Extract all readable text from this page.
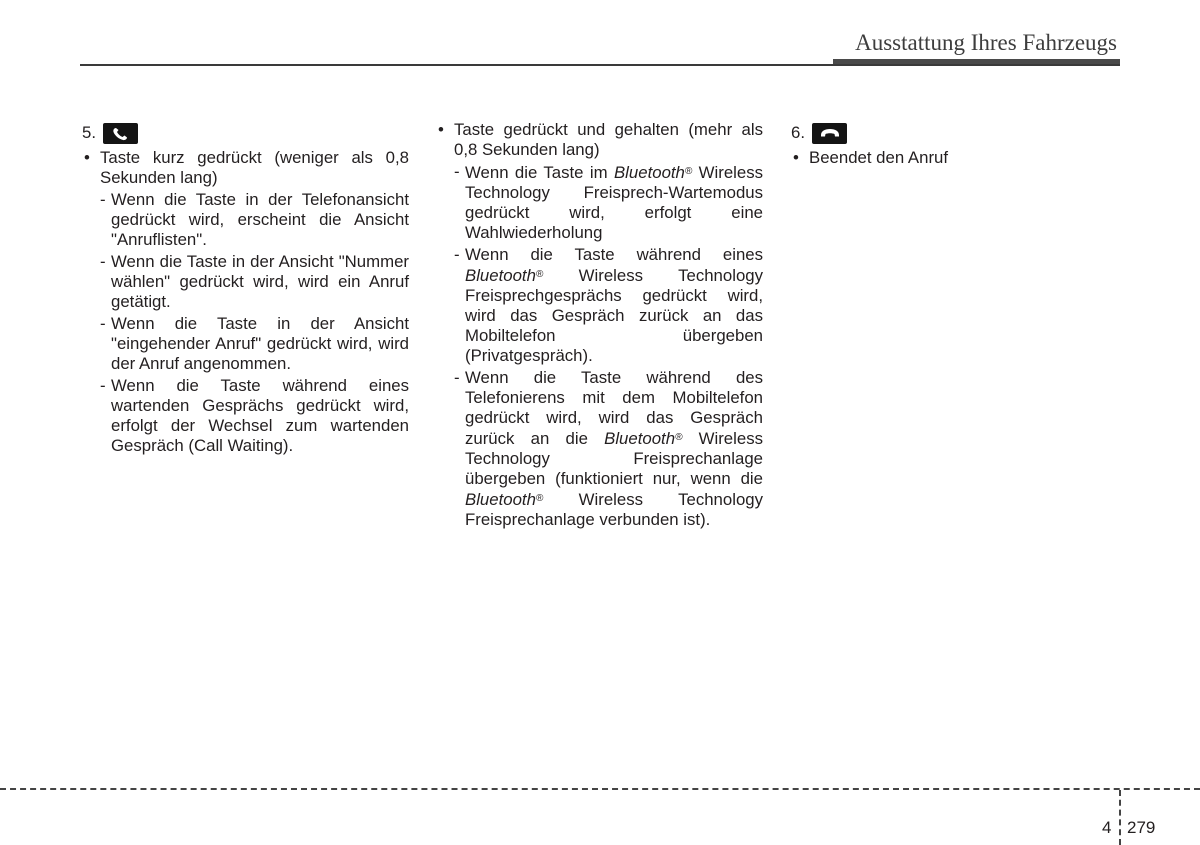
Ausstattung Ihres Fahrzeugs
5.
• Taste kurz gedrückt (weniger als 0,8 Sekunden lang)
- Wenn die Taste in der Telefonansicht gedrückt wird, erscheint die Ansicht "Anruflisten".
- Wenn die Taste in der Ansicht "Nummer wählen" gedrückt wird, wird ein Anruf getätigt.
- Wenn die Taste in der Ansicht "eingehender Anruf" gedrückt wird, wird der Anruf angenommen.
- Wenn die Taste während eines wartenden Gesprächs gedrückt wird, erfolgt der Wechsel zum wartenden Gespräch (Call Waiting).
• Taste gedrückt und gehalten (mehr als 0,8 Sekunden lang)
- Wenn die Taste im Bluetooth® Wireless Technology Freisprech-Wartemodus gedrückt wird, erfolgt eine Wahlwiederholung
- Wenn die Taste während eines Bluetooth® Wireless Technology Freisprechgesprächs gedrückt wird, wird das Gespräch zurück an das Mobiltelefon übergeben (Privatgespräch).
- Wenn die Taste während des Telefonierens mit dem Mobiltelefon gedrückt wird, wird das Gespräch zurück an die Bluetooth® Wireless Technology Freisprechanlage übergeben (funktioniert nur, wenn die Bluetooth® Wireless Technology Freisprechanlage verbunden ist).
6.
• Beendet den Anruf
4 279
